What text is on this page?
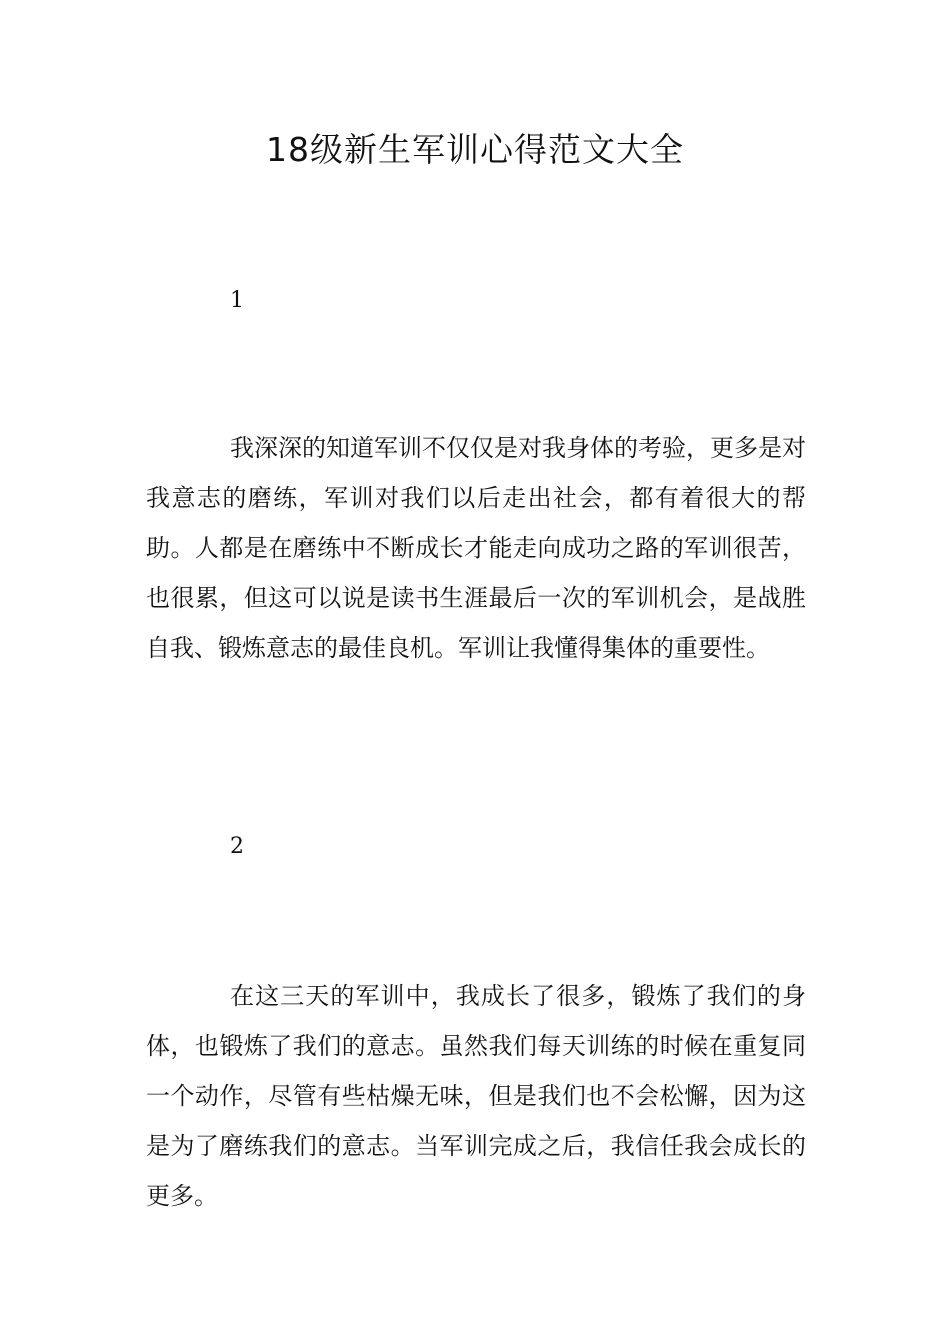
18级新生军训心得范文大全
1

我深深的知道军训不仅仅是对我身体的考验，更多是对我意志的磨练，军训对我们以后走出社会，都有着很大的帮助。人都是在磨练中不断成长才能走向成功之路的军训很苦，也很累，但这可以说是读书生涯最后一次的军训机会，是战胜自我、锻炼意志的最佳良机。军训让我懂得集体的重要性。

2

在这三天的军训中，我成长了很多，锻炼了我们的身体，也锻炼了我们的意志。虽然我们每天训练的时候在重复同一个动作，尽管有些枯燥无味，但是我们也不会松懈，因为这是为了磨练我们的意志。当军训完成之后，我信任我会成长的更多。
